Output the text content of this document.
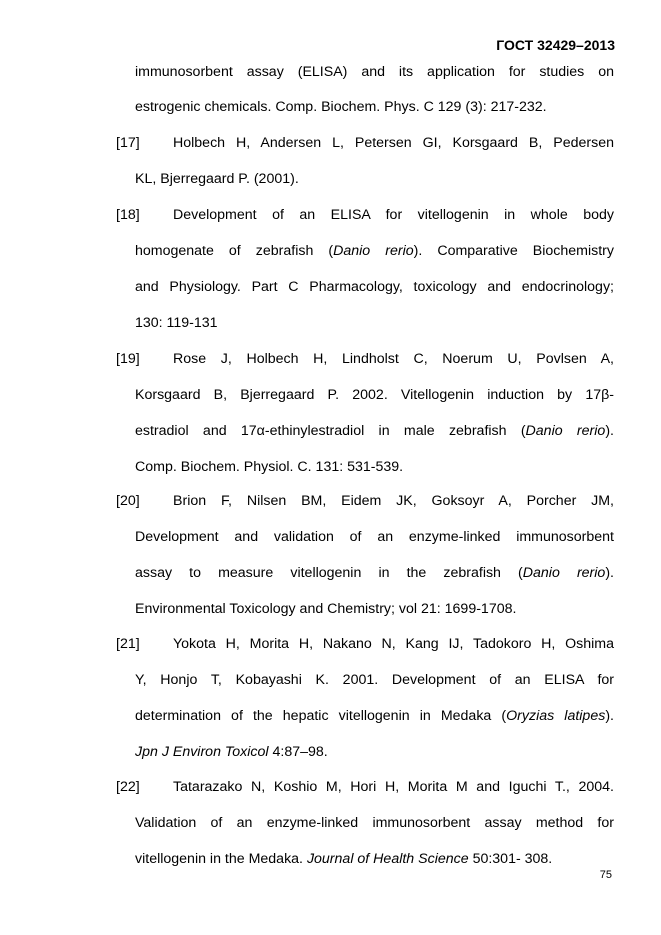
ГОСТ 32429–2013
immunosorbent assay (ELISA) and its application for studies on
estrogenic chemicals. Comp. Biochem. Phys. C 129 (3): 217-232.
[17] Holbech H, Andersen L, Petersen GI, Korsgaard B, Pedersen
KL, Bjerregaard P. (2001).
[18] Development of an ELISA for vitellogenin in whole body
homogenate of zebrafish (Danio rerio). Comparative Biochemistry
and Physiology. Part C Pharmacology, toxicology and endocrinology;
130: 119-131
[19] Rose J, Holbech H, Lindholst C, Noerum U, Povlsen A,
Korsgaard B, Bjerregaard P. 2002. Vitellogenin induction by 17β-
estradiol and 17α-ethinylestradiol in male zebrafish (Danio rerio).
Comp. Biochem. Physiol. C. 131: 531-539.
[20] Brion F, Nilsen BM, Eidem JK, Goksoyr A, Porcher JM,
Development and validation of an enzyme-linked immunosorbent
assay to measure vitellogenin in the zebrafish (Danio rerio).
Environmental Toxicology and Chemistry; vol 21: 1699-1708.
[21] Yokota H, Morita H, Nakano N, Kang IJ, Tadokoro H, Oshima
Y, Honjo T, Kobayashi K. 2001. Development of an ELISA for
determination of the hepatic vitellogenin in Medaka (Oryzias latipes).
Jpn J Environ Toxicol 4:87–98.
[22] Tatarazako N, Koshio M, Hori H, Morita M and Iguchi T., 2004.
Validation of an enzyme-linked immunosorbent assay method for
vitellogenin in the Medaka. Journal of Health Science 50:301- 308.
75
